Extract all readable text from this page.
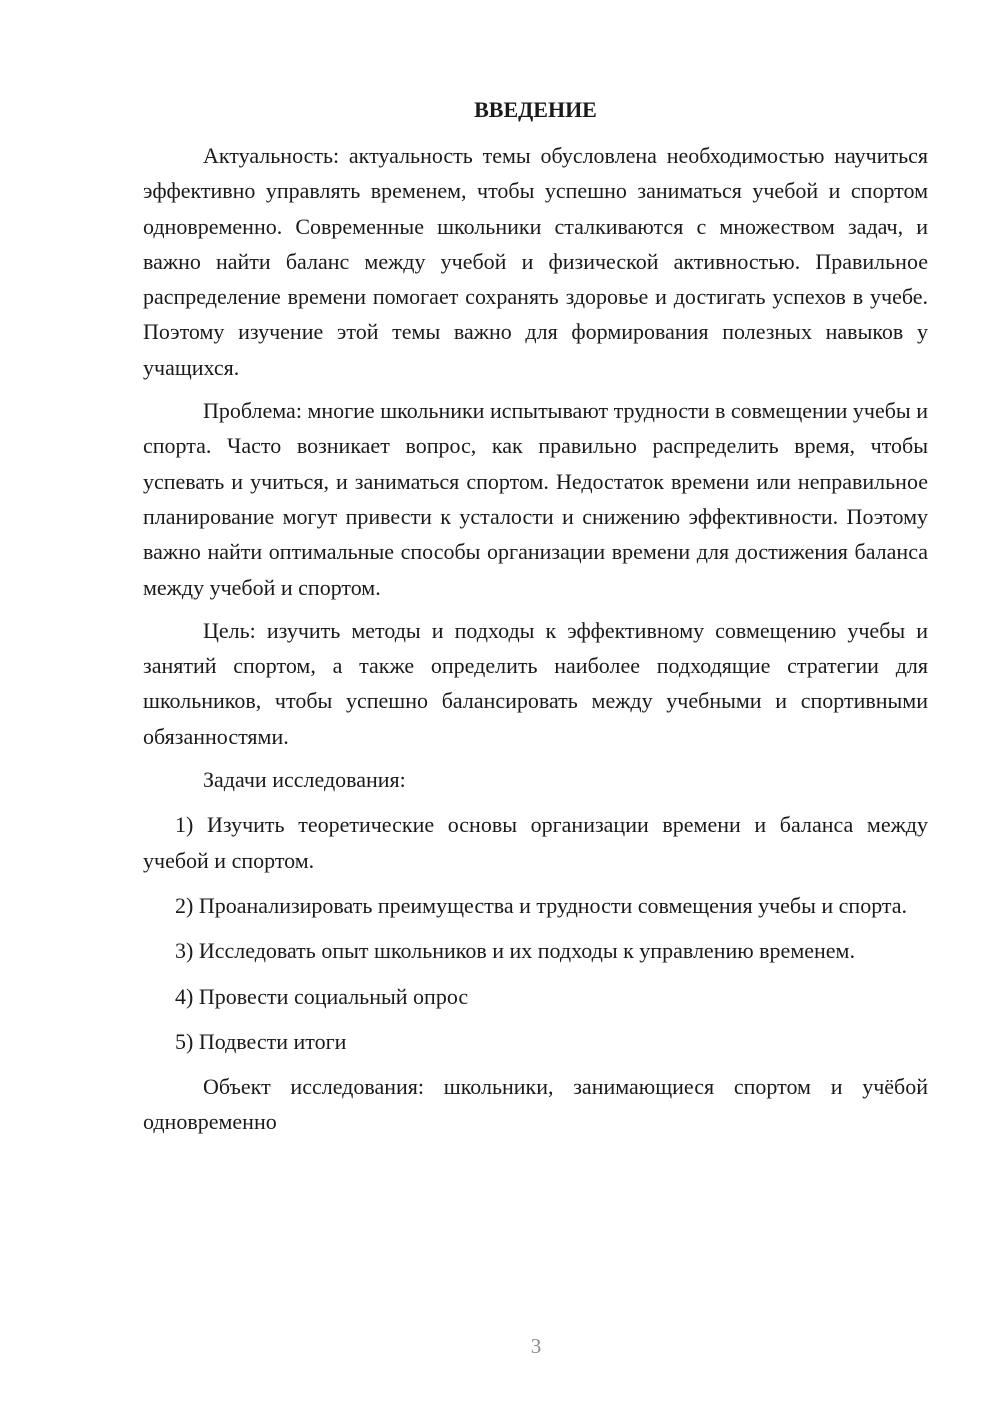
ВВЕДЕНИЕ

Актуальность: актуальность темы обусловлена необходимостью научиться эффективно управлять временем, чтобы успешно заниматься учебой и спортом одновременно. Современные школьники сталкиваются с множеством задач, и важно найти баланс между учебой и физической активностью. Правильное распределение времени помогает сохранять здоровье и достигать успехов в учебе. Поэтому изучение этой темы важно для формирования полезных навыков у учащихся.

Проблема: многие школьники испытывают трудности в совмещении учебы и спорта. Часто возникает вопрос, как правильно распределить время, чтобы успевать и учиться, и заниматься спортом. Недостаток времени или неправильное планирование могут привести к усталости и снижению эффективности. Поэтому важно найти оптимальные способы организации времени для достижения баланса между учебой и спортом.

Цель: изучить методы и подходы к эффективному совмещению учебы и занятий спортом, а также определить наиболее подходящие стратегии для школьников, чтобы успешно балансировать между учебными и спортивными обязанностями.

Задачи исследования:

1) Изучить теоретические основы организации времени и баланса между учебой и спортом.

2) Проанализировать преимущества и трудности совмещения учебы и спорта.

3) Исследовать опыт школьников и их подходы к управлению временем.

4) Провести социальный опрос

5) Подвести итоги

Объект исследования: школьники, занимающиеся спортом и учёбой одновременно

3
